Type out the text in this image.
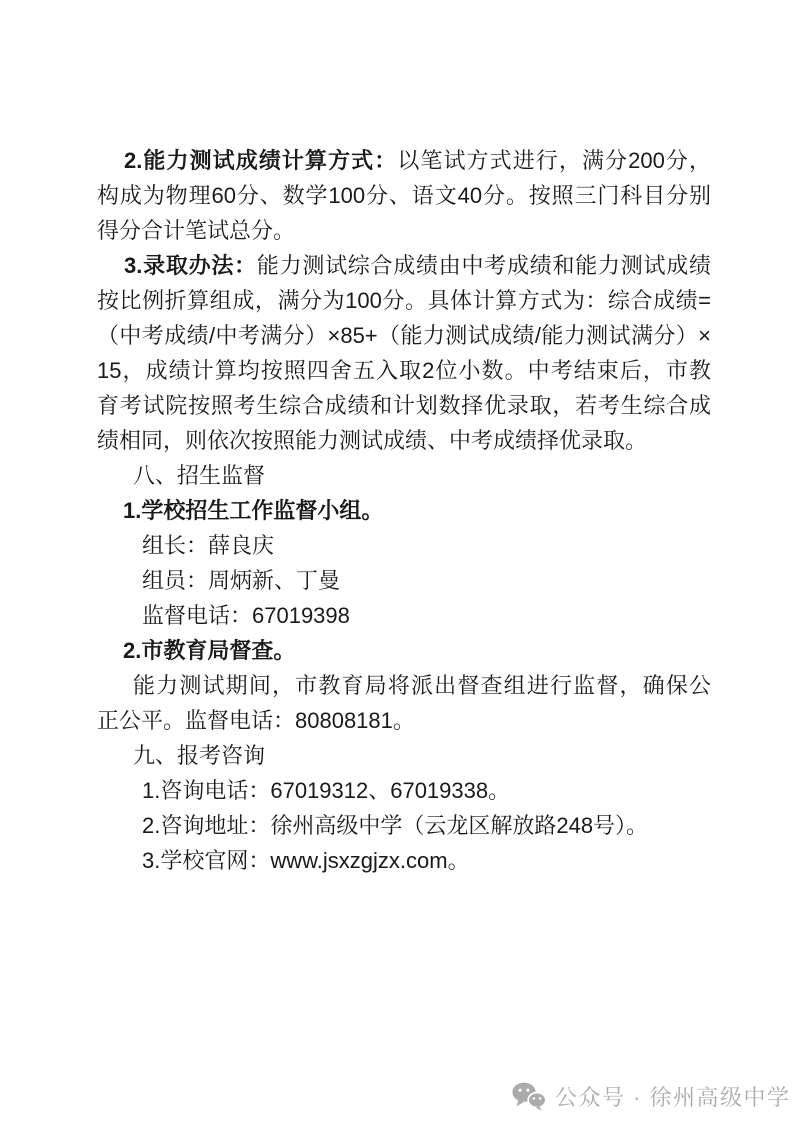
2.能力测试成绩计算方式：以笔试方式进行，满分200分，
构成为物理60分、数学100分、语文40分。按照三门科目分别
得分合计笔试总分。
3.录取办法：能力测试综合成绩由中考成绩和能力测试成绩
按比例折算组成，满分为100分。具体计算方式为：综合成绩=
（中考成绩/中考满分）×85+（能力测试成绩/能力测试满分）×
15，成绩计算均按照四舍五入取2位小数。中考结束后，市教
育考试院按照考生综合成绩和计划数择优录取，若考生综合成
绩相同，则依次按照能力测试成绩、中考成绩择优录取。
八、招生监督
1.学校招生工作监督小组。
组长：薛良庆
组员：周炳新、丁曼
监督电话：67019398
2.市教育局督查。
能力测试期间，市教育局将派出督查组进行监督，确保公
正公平。监督电话：80808181。
九、报考咨询
1.咨询电话：67019312、67019338。
2.咨询地址：徐州高级中学（云龙区解放路248号）。
3.学校官网：www.jsxzgjzx.com。
公众号 · 徐州高级中学
